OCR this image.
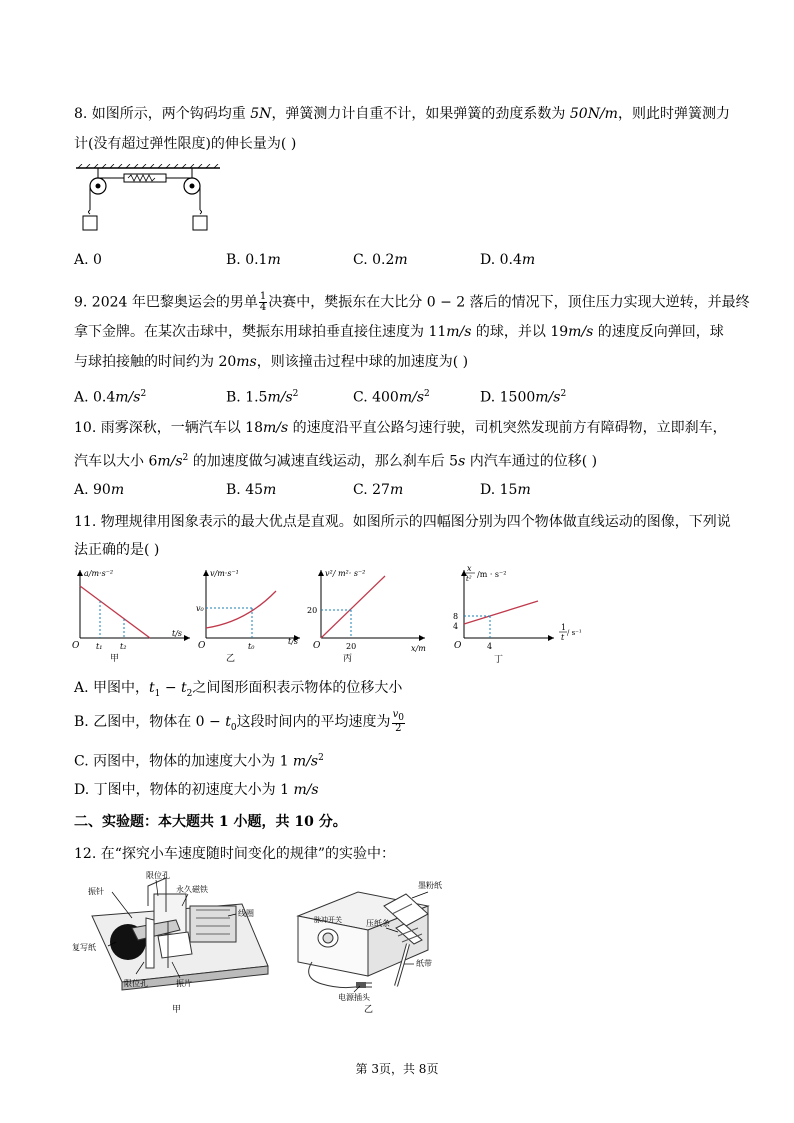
8. 如图所示，两个钩码均重 5N，弹簧测力计自重不计，如果弹簧的劲度系数为 50N/m，则此时弹簧测力
计(没有超过弹性限度)的伸长量为( )
A. 0	B. 0.1m	C. 0.2m	D. 0.4m
9. 2024 年巴黎奥运会的男单 $\frac{1}{4}$ 决赛中，樊振东在大比分 0 − 2 落后的情况下，顶住压力实现大逆转，并最终
拿下金牌。在某次击球中，樊振东用球拍垂直接住速度为 11m/s 的球，并以 19m/s 的速度反向弹回，球
与球拍接触的时间约为 20ms，则该撞击过程中球的加速度为( )
A. $0.4m/s^2$	B. $1.5m/s^2$	C. $400m/s^2$	D. $1500m/s^2$
10. 雨雾深秋，一辆汽车以 18m/s 的速度沿平直公路匀速行驶，司机突然发现前方有障碍物，立即刹车，
汽车以大小 $6m/s^2$ 的加速度做匀减速直线运动，那么刹车后 5s 内汽车通过的位移( )
A. 90m	B. 45m	C. 27m	D. 15m
11. 物理规律用图象表示的最大优点是直观。如图所示的四幅图分别为四个物体做直线运动的图像，下列说
法正确的是( )
a/m·s⁻²
t/s
O t₁ t₂
甲
v/m·s⁻¹
t/s
O
v₀
t₀
乙
v²/ m²· s⁻²
x/m
O
20
20
丙
x
t² /m · s⁻²
1
t / s⁻¹
O
8
4
4
丁
A. 甲图中，$t_1 - t_2$之间图形面积表示物体的位移大小
B. 乙图中，物体在 $0 - t_0$这段时间内的平均速度为 $\frac{v_0}{2}$
C. 丙图中，物体的加速度大小为 1 $m/s^2$
D. 丁图中，物体的初速度大小为 1 m/s
二、实验题：本大题共 1 小题，共 10 分。
12. 在“探究小车速度随时间变化的规律”的实验中：
振针
限位孔
永久磁铁
线圈
复写纸
限位孔	振片
甲
墨粉纸
脉冲开关	压纸条
纸带
电源插头
乙
第 3页，共 8页
